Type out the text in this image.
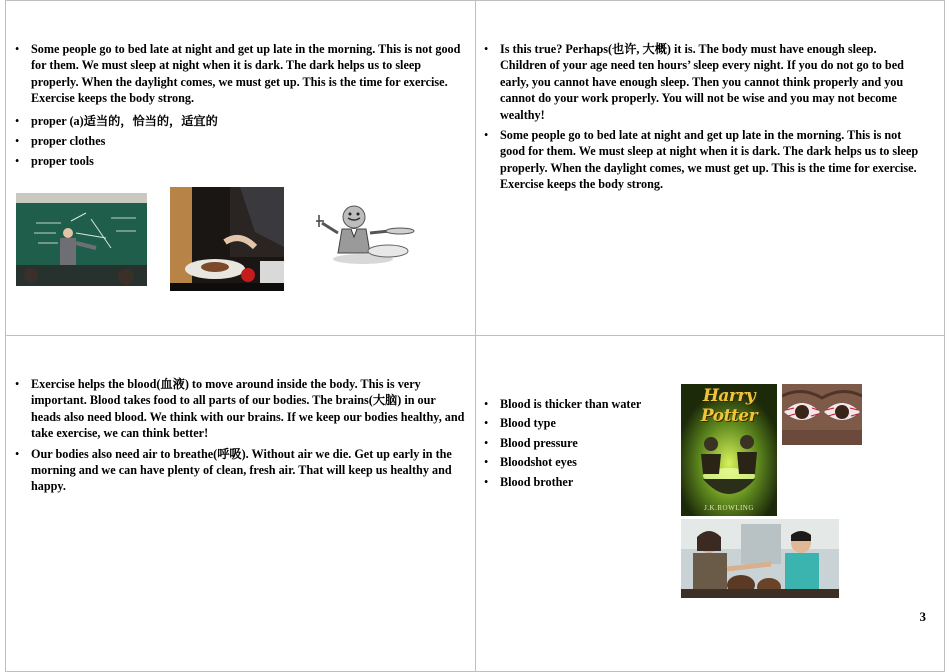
• Some people go to bed late at night and get up late in the morning. This is not good for them. We must sleep at night when it is dark. The dark helps us to sleep properly. When the daylight comes, we must get up. This is the time for exercise. Exercise keeps the body strong.
• proper (a)适当的，恰当的，适宜的
• proper clothes
• proper tools
• Is this true? Perhaps(也许, 大概) it is. The body must have enough sleep. Children of your age need ten hours’ sleep every night. If you do not go to bed early, you cannot have enough sleep. Then you cannot think properly and you cannot do your work properly. You will not be wise and you may not become wealthy!
• Some people go to bed late at night and get up late in the morning. This is not good for them. We must sleep at night when it is dark. The dark helps us to sleep properly. When the daylight comes, we must get up. This is the time for exercise. Exercise keeps the body strong.
• Exercise helps the blood(血液) to move around inside the body. This is very important. Blood takes food to all parts of our bodies. The brains(大脑) in our heads also need blood. We think with our brains. If we keep our bodies healthy, and take exercise, we can think better!
• Our bodies also need air to breathe(呼吸). Without air we die. Get up early in the morning and we can have plenty of clean, fresh air. That will keep us healthy and happy.
• Blood is thicker than water
• Blood type
• Blood pressure
• Bloodshot eyes
• Blood brother
Harry Potter
J.K.ROWLING
3
